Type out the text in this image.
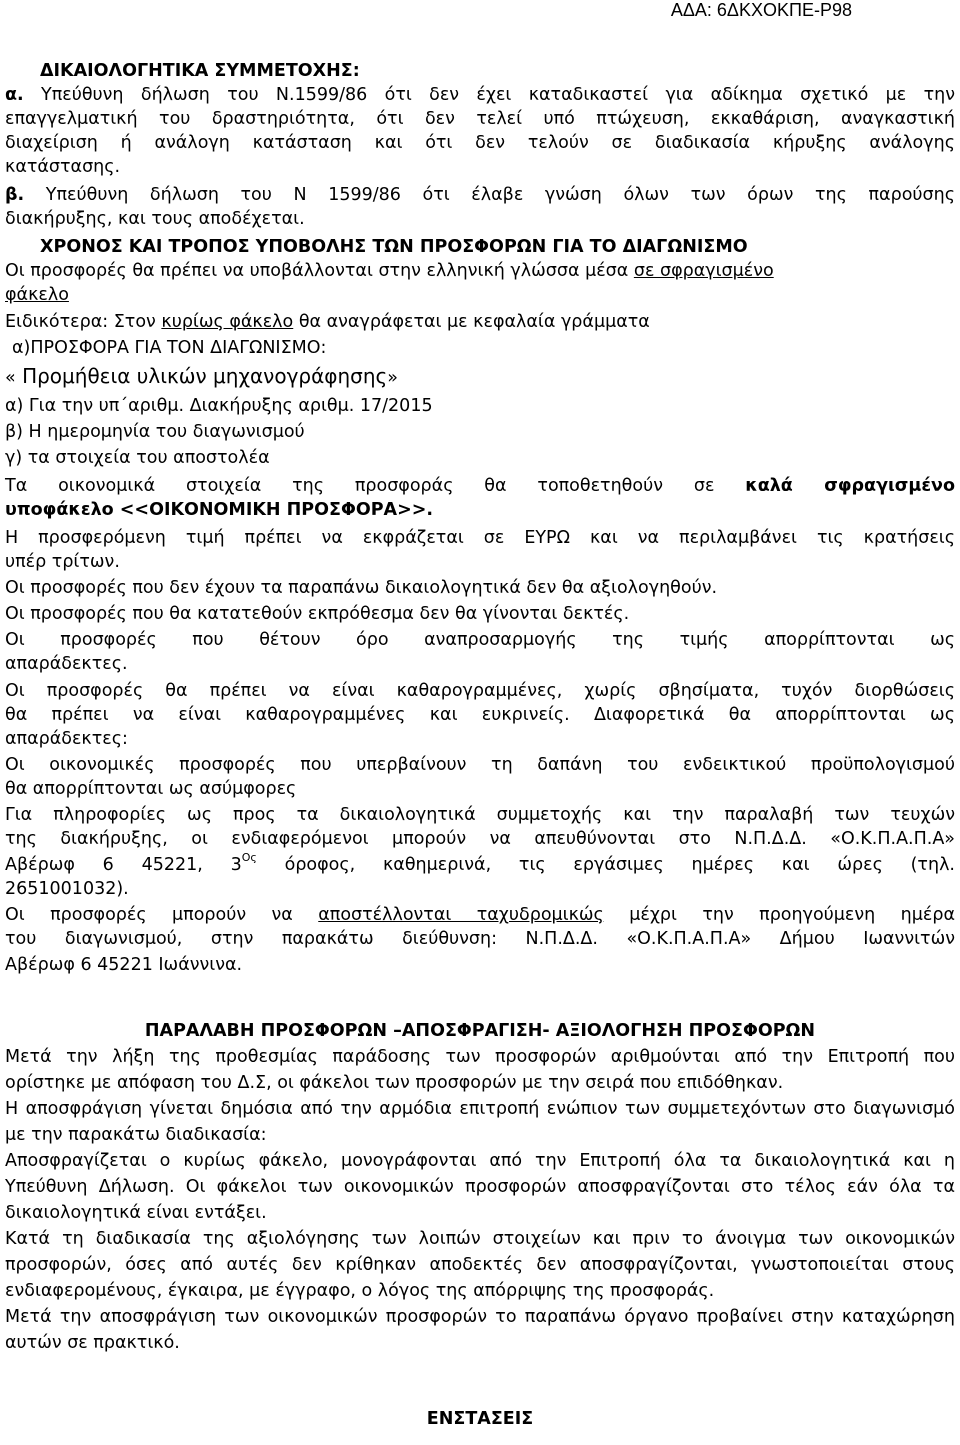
ΑΔΑ: 6ΔΚΧΟΚΠΕ-Ρ98
ΔΙΚΑΙΟΛΟΓΗΤΙΚΑ ΣΥΜΜΕΤΟΧΗΣ:
α. Υπεύθυνη δήλωση του Ν.1599/86 ότι δεν έχει καταδικαστεί για αδίκημα σχετικό με την
επαγγελματική του δραστηριότητα, ότι δεν τελεί υπό πτώχευση, εκκαθάριση, αναγκαστική
διαχείριση ή ανάλογη κατάσταση και ότι δεν τελούν σε διαδικασία κήρυξης ανάλογης
κατάστασης.
β. Υπεύθυνη δήλωση του Ν 1599/86 ότι έλαβε γνώση όλων των όρων της παρούσης
διακήρυξης, και τους αποδέχεται.
ΧΡΟΝΟΣ ΚΑΙ ΤΡΟΠΟΣ ΥΠΟΒΟΛΗΣ ΤΩΝ ΠΡΟΣΦΟΡΩΝ ΓΙΑ ΤΟ ΔΙΑΓΩΝΙΣΜΟ
Οι προσφορές θα πρέπει να υποβάλλονται στην ελληνική γλώσσα μέσα σε σφραγισμένο
φάκελο
Ειδικότερα: Στον κυρίως φάκελο θα αναγράφεται με κεφαλαία γράμματα
α)ΠΡΟΣΦΟΡΑ ΓΙΑ ΤΟΝ ΔΙΑΓΩΝΙΣΜΟ:
« Προμήθεια υλικών μηχανογράφησης»
α) Για την υπ΄αριθμ. Διακήρυξης αριθμ. 17/2015
β) Η ημερομηνία του διαγωνισμού
γ) τα στοιχεία του αποστολέα
Τα οικονομικά στοιχεία της προσφοράς θα τοποθετηθούν σε καλά σφραγισμένο
υποφάκελο <<ΟΙΚΟΝΟΜΙΚΗ ΠΡΟΣΦΟΡΑ>>.
Η προσφερόμενη τιμή πρέπει να εκφράζεται σε ΕΥΡΩ και να περιλαμβάνει τις κρατήσεις
υπέρ τρίτων.
Οι προσφορές που δεν έχουν τα παραπάνω δικαιολογητικά δεν θα αξιολογηθούν.
Οι προσφορές που θα κατατεθούν εκπρόθεσμα δεν θα γίνονται δεκτές.
Οι προσφορές που θέτουν όρο αναπροσαρμογής της τιμής απορρίπτονται ως
απαράδεκτες.
Οι προσφορές θα πρέπει να είναι καθαρογραμμένες, χωρίς σβησίματα, τυχόν διορθώσεις
θα πρέπει να είναι καθαρογραμμένες και ευκρινείς. Διαφορετικά θα απορρίπτονται ως
απαράδεκτες:
Οι οικονομικές προσφορές που υπερβαίνουν τη δαπάνη του ενδεικτικού προϋπολογισμού
θα απορρίπτονται ως ασύμφορες
Για πληροφορίες ως προς τα δικαιολογητικά συμμετοχής και την παραλαβή των τευχών
της διακήρυξης, οι ενδιαφερόμενοι μπορούν να απευθύνονται στο Ν.Π.Δ.Δ. «Ο.Κ.Π.Α.Π.Α»
Αβέρωφ 6 45221, $3^{O\varsigma}$ όροφος, καθημερινά, τις εργάσιμες ημέρες και ώρες (τηλ.
2651001032).
Οι προσφορές μπορούν να αποστέλλονται ταχυδρομικώς μέχρι την προηγούμενη ημέρα
του διαγωνισμού, στην παρακάτω διεύθυνση: Ν.Π.Δ.Δ. «Ο.Κ.Π.Α.Π.Α» Δήμου Ιωαννιτών
Αβέρωφ 6 45221 Ιωάννινα.
ΠΑΡΑΛΑΒΗ ΠΡΟΣΦΟΡΩΝ –ΑΠΟΣΦΡΑΓΙΣΗ- ΑΞΙΟΛΟΓΗΣΗ ΠΡΟΣΦΟΡΩΝ
Μετά την λήξη της προθεσμίας παράδοσης των προσφορών αριθμούνται από την Επιτροπή που
ορίστηκε με απόφαση του Δ.Σ, οι φάκελοι των προσφορών με την σειρά που επιδόθηκαν.
Η αποσφράγιση γίνεται δημόσια από την αρμόδια επιτροπή ενώπιον των συμμετεχόντων στο διαγωνισμό
με την παρακάτω διαδικασία:
Αποσφραγίζεται ο κυρίως φάκελο, μονογράφονται από την Επιτροπή όλα τα δικαιολογητικά και η
Υπεύθυνη Δήλωση. Οι φάκελοι των οικονομικών προσφορών αποσφραγίζονται στο τέλος εάν όλα τα
δικαιολογητικά είναι εντάξει.
Κατά τη διαδικασία της αξιολόγησης των λοιπών στοιχείων και πριν το άνοιγμα των οικονομικών
προσφορών, όσες από αυτές δεν κρίθηκαν αποδεκτές δεν αποσφραγίζονται, γνωστοποιείται στους
ενδιαφερομένους, έγκαιρα, με έγγραφο, ο λόγος της απόρριψης της προσφοράς.
Μετά την αποσφράγιση των οικονομικών προσφορών το παραπάνω όργανο προβαίνει στην καταχώρηση
αυτών σε πρακτικό.
ΕΝΣΤΑΣΕΙΣ
